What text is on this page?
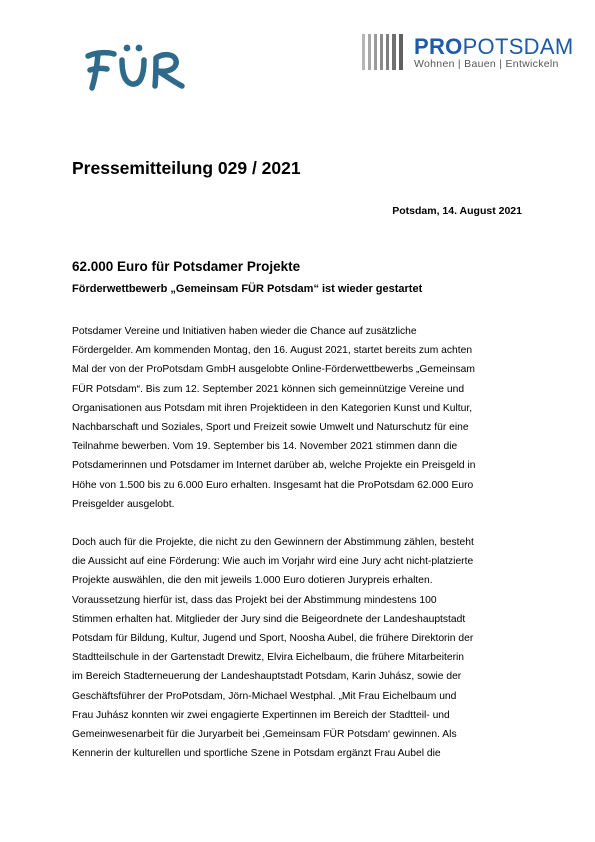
PROPOTSDAM
Wohnen | Bauen | Entwickeln
Pressemitteilung 029 / 2021
Potsdam, 14. August 2021
62.000 Euro für Potsdamer Projekte
Förderwettbewerb „Gemeinsam FÜR Potsdam“ ist wieder gestartet

Potsdamer Vereine und Initiativen haben wieder die Chance auf zusätzliche
Fördergelder. Am kommenden Montag, den 16. August 2021, startet bereits zum achten
Mal der von der ProPotsdam GmbH ausgelobte Online-Förderwettbewerbs „Gemeinsam
FÜR Potsdam“. Bis zum 12. September 2021 können sich gemeinnützige Vereine und
Organisationen aus Potsdam mit ihren Projektideen in den Kategorien Kunst und Kultur,
Nachbarschaft und Soziales, Sport und Freizeit sowie Umwelt und Naturschutz für eine
Teilnahme bewerben. Vom 19. September bis 14. November 2021 stimmen dann die
Potsdamerinnen und Potsdamer im Internet darüber ab, welche Projekte ein Preisgeld in
Höhe von 1.500 bis zu 6.000 Euro erhalten. Insgesamt hat die ProPotsdam 62.000 Euro
Preisgelder ausgelobt.

Doch auch für die Projekte, die nicht zu den Gewinnern der Abstimmung zählen, besteht
die Aussicht auf eine Förderung: Wie auch im Vorjahr wird eine Jury acht nicht-platzierte
Projekte auswählen, die den mit jeweils 1.000 Euro dotieren Jurypreis erhalten.
Voraussetzung hierfür ist, dass das Projekt bei der Abstimmung mindestens 100
Stimmen erhalten hat. Mitglieder der Jury sind die Beigeordnete der Landeshauptstadt
Potsdam für Bildung, Kultur, Jugend und Sport, Noosha Aubel, die frühere Direktorin der
Stadtteilschule in der Gartenstadt Drewitz, Elvira Eichelbaum, die frühere Mitarbeiterin
im Bereich Stadterneuerung der Landeshauptstadt Potsdam, Karin Juhász, sowie der
Geschäftsführer der ProPotsdam, Jörn-Michael Westphal. „Mit Frau Eichelbaum und
Frau Juhász konnten wir zwei engagierte Expertinnen im Bereich der Stadtteil- und
Gemeinwesenarbeit für die Juryarbeit bei ‚Gemeinsam FÜR Potsdam‘ gewinnen. Als
Kennerin der kulturellen und sportliche Szene in Potsdam ergänzt Frau Aubel die
